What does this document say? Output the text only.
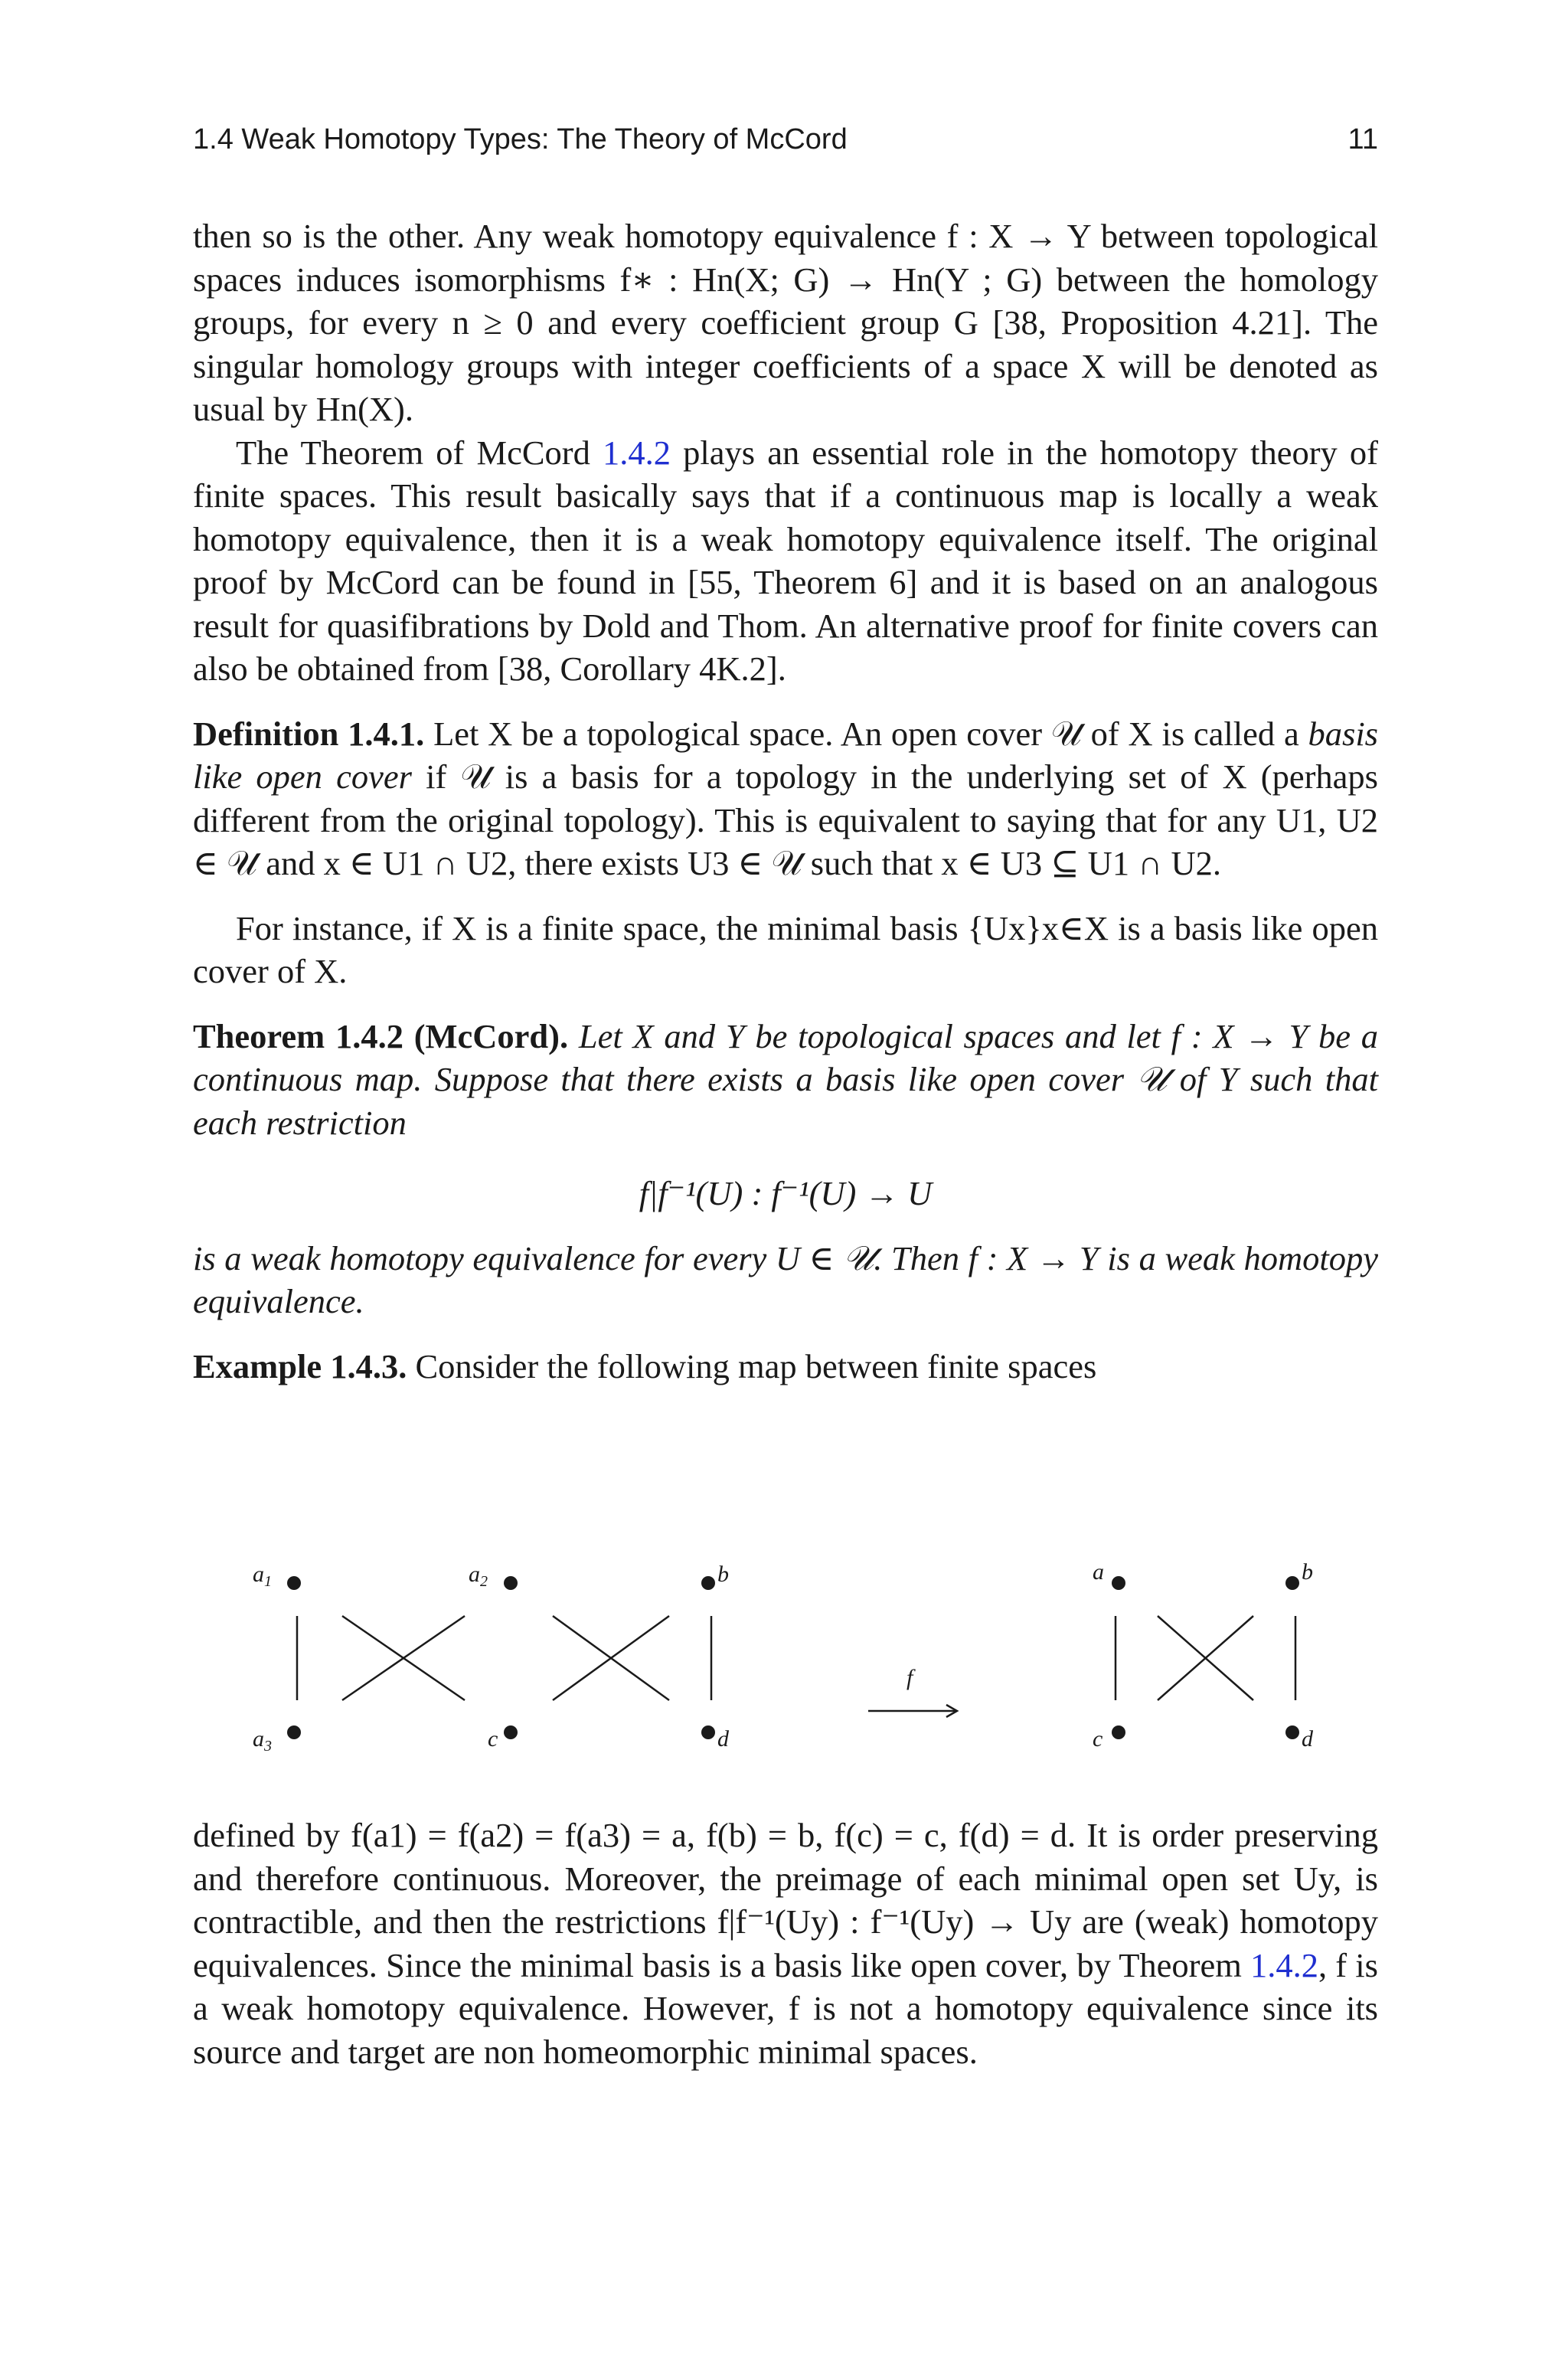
1.4 Weak Homotopy Types: The Theory of McCord	11

then so is the other. Any weak homotopy equivalence f : X → Y between topological spaces induces isomorphisms f∗ : Hn(X; G) → Hn(Y ; G) between the homology groups, for every n ≥ 0 and every coefficient group G [38, Proposition 4.21]. The singular homology groups with integer coefficients of a space X will be denoted as usual by Hn(X).

The Theorem of McCord 1.4.2 plays an essential role in the homotopy theory of finite spaces. This result basically says that if a continuous map is locally a weak homotopy equivalence, then it is a weak homotopy equivalence itself. The original proof by McCord can be found in [55, Theorem 6] and it is based on an analogous result for quasifibrations by Dold and Thom. An alternative proof for finite covers can also be obtained from [38, Corollary 4K.2].

Definition 1.4.1. Let X be a topological space. An open cover 𝒰 of X is called a basis like open cover if 𝒰 is a basis for a topology in the underlying set of X (perhaps different from the original topology). This is equivalent to saying that for any U1, U2 ∈ 𝒰 and x ∈ U1 ∩ U2, there exists U3 ∈ 𝒰 such that x ∈ U3 ⊆ U1 ∩ U2.

For instance, if X is a finite space, the minimal basis {Ux}x∈X is a basis like open cover of X.

Theorem 1.4.2 (McCord). Let X and Y be topological spaces and let f : X → Y be a continuous map. Suppose that there exists a basis like open cover 𝒰 of Y such that each restriction

f|f⁻¹(U) : f⁻¹(U) → U

is a weak homotopy equivalence for every U ∈ 𝒰. Then f : X → Y is a weak homotopy equivalence.

Example 1.4.3. Consider the following map between finite spaces

$a_1$	$a_2$	b
$a_3$	c	d
f
a	b
c	d

defined by f(a1) = f(a2) = f(a3) = a, f(b) = b, f(c) = c, f(d) = d. It is order preserving and therefore continuous. Moreover, the preimage of each minimal open set Uy, is contractible, and then the restrictions f|f⁻¹(Uy) : f⁻¹(Uy) → Uy are (weak) homotopy equivalences. Since the minimal basis is a basis like open cover, by Theorem 1.4.2, f is a weak homotopy equivalence. However, f is not a homotopy equivalence since its source and target are non homeomorphic minimal spaces.
